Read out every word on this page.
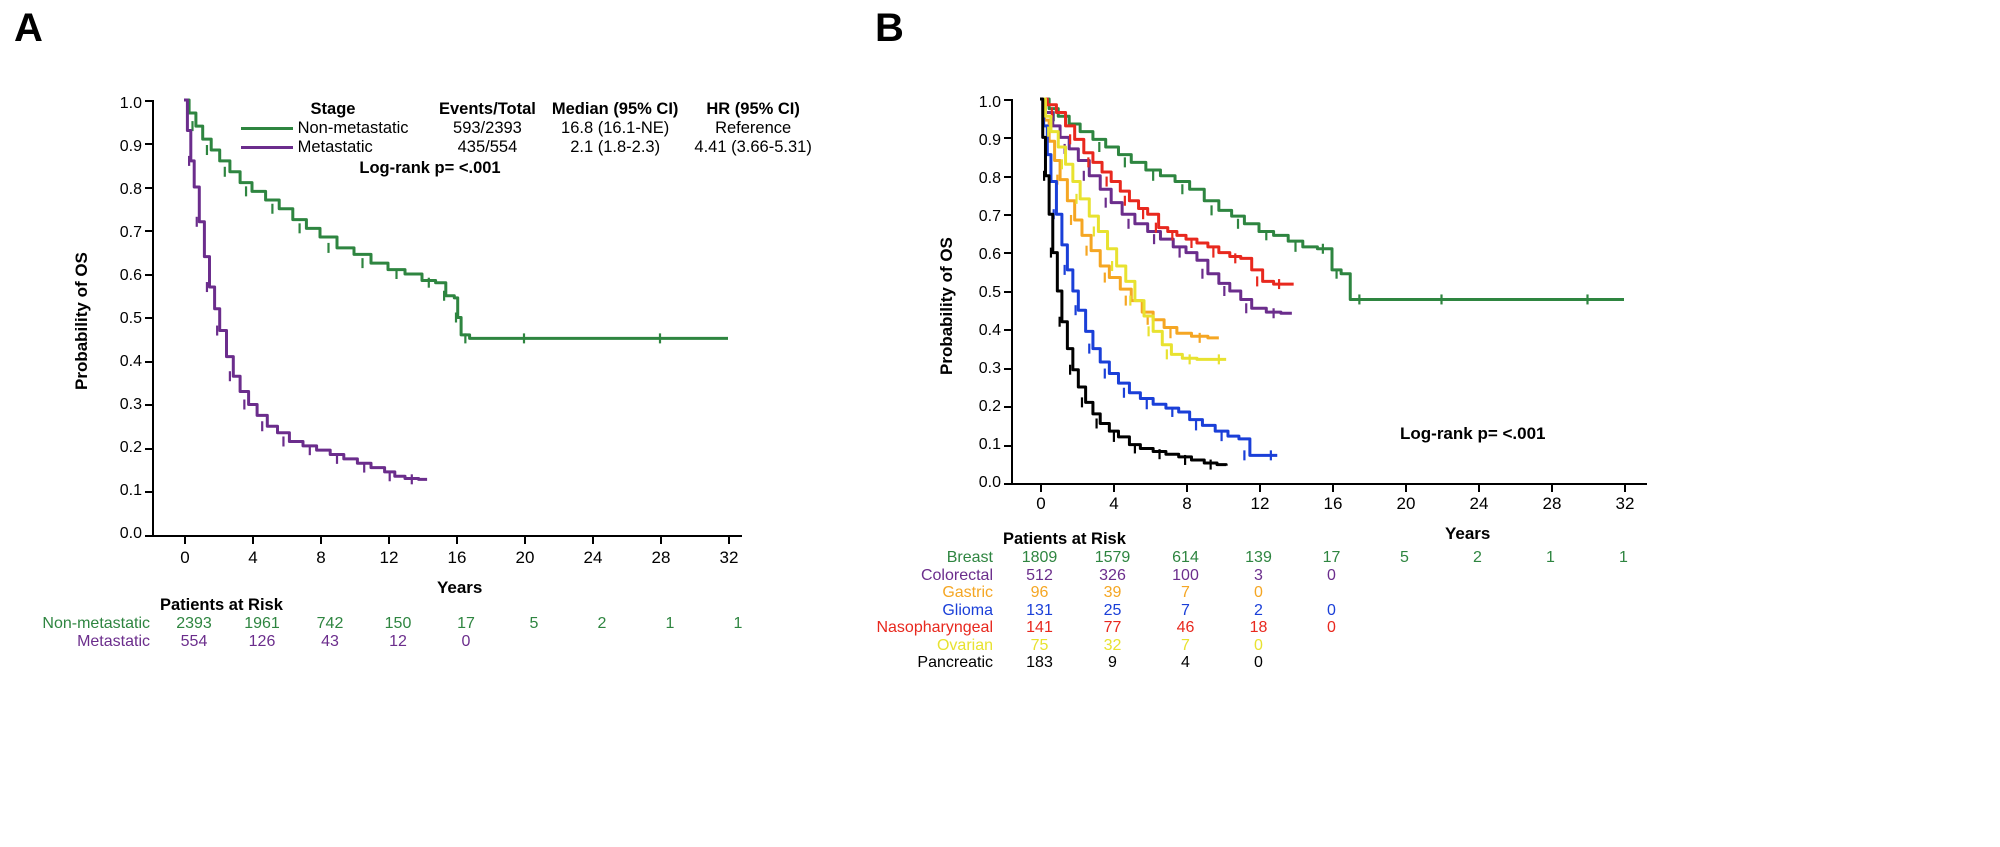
A
Probability of OS
1.0
0.9
0.8
0.7
0.6
0.5
0.4
0.3
0.2
0.1
0.0
0	4	8	12	16	20	24	28	32
Years
Stage	Events/Total	Median (95% CI)	HR (95% CI)
Non-metastatic	593/2393	16.8 (16.1-NE)	Reference
Metastatic	435/554	2.1 (1.8-2.3)	4.41 (3.66-5.31)
Log-rank p= <.001
Patients at Risk
Non-metastatic	2393	1961	742	150	17	5	2	1	1
Metastatic	554	126	43	12	0				
B
Probability of OS
1.0
0.9
0.8
0.7
0.6
0.5
0.4
0.3
0.2
0.1
0.0
0	4	8	12	16	20	24	28	32
Years
Log-rank p= <.001
Patients at Risk
Breast	1809	1579	614	139	17	5	2	1	1
Colorectal	512	326	100	3	0				
Gastric	96	39	7	0					
Glioma	131	25	7	2	0				
Nasopharyngeal	141	77	46	18	0				
Ovarian	75	32	7	0					
Pancreatic	183	9	4	0					
